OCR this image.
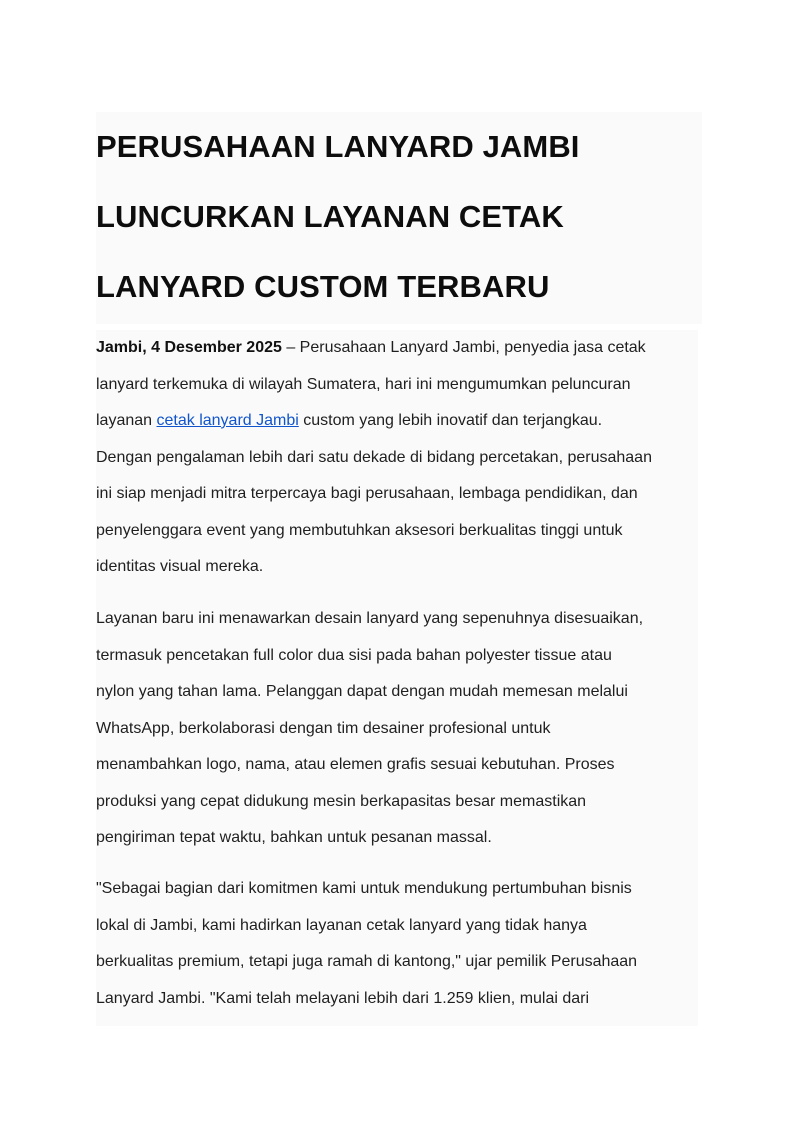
PERUSAHAAN LANYARD JAMBI
LUNCURKAN LAYANAN CETAK
LANYARD CUSTOM TERBARU

Jambi, 4 Desember 2025 – Perusahaan Lanyard Jambi, penyedia jasa cetak
lanyard terkemuka di wilayah Sumatera, hari ini mengumumkan peluncuran
layanan cetak lanyard Jambi custom yang lebih inovatif dan terjangkau.
Dengan pengalaman lebih dari satu dekade di bidang percetakan, perusahaan
ini siap menjadi mitra terpercaya bagi perusahaan, lembaga pendidikan, dan
penyelenggara event yang membutuhkan aksesori berkualitas tinggi untuk
identitas visual mereka.

Layanan baru ini menawarkan desain lanyard yang sepenuhnya disesuaikan,
termasuk pencetakan full color dua sisi pada bahan polyester tissue atau
nylon yang tahan lama. Pelanggan dapat dengan mudah memesan melalui
WhatsApp, berkolaborasi dengan tim desainer profesional untuk
menambahkan logo, nama, atau elemen grafis sesuai kebutuhan. Proses
produksi yang cepat didukung mesin berkapasitas besar memastikan
pengiriman tepat waktu, bahkan untuk pesanan massal.

"Sebagai bagian dari komitmen kami untuk mendukung pertumbuhan bisnis
lokal di Jambi, kami hadirkan layanan cetak lanyard yang tidak hanya
berkualitas premium, tetapi juga ramah di kantong," ujar pemilik Perusahaan
Lanyard Jambi. "Kami telah melayani lebih dari 1.259 klien, mulai dari
